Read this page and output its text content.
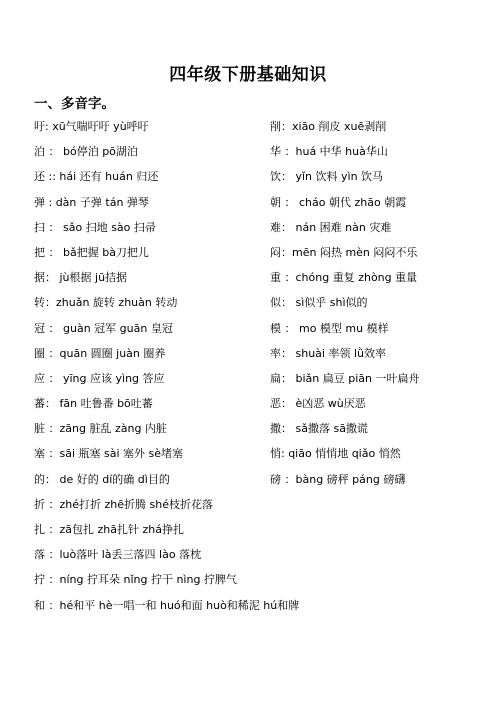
四年级下册基础知识
一、多音字。
吁: xū气喘吁吁 yù呼吁	削：xiāo 削皮 xuē剥削
泊 ： bó停泊 pō湖泊	华 ：huá 中华 huà华山
还 :: hái 还有 huán 归还	饮： yǐn 饮料 yìn 饮马
弹 : dàn 子弹 tán 弹琴	朝 ： cháo 朝代 zhāo 朝霞
扫 ： sǎo 扫地 sào 扫帚	难： nán 困难 nàn 灾难
把 ： bǎ把握 bà刀把儿	闷：mēn 闷热 mèn 闷闷不乐
据： jù根据 jū拮据	重 ：chóng 重复 zhòng 重量
转：zhuǎn 旋转 zhuàn 转动	似： sì似乎 shì似的
冠 ： guàn 冠军 guān 皇冠	模 ： mo 模型 mu 模样
圈 ：quān 圆圈 juàn 圈养	率： shuài 率领 lǜ效率
应 ： yīng 应该 yìng 答应	扁： biǎn 扁豆 piān 一叶扁舟
蕃： fān 吐鲁番 bō吐蕃	恶： è凶恶 wù厌恶
脏 ：zāng 脏乱 zàng 内脏	撒： sǎ撒落 sā撒谎
塞 ：sāi 瓶塞 sài 塞外 sè堵塞	悄: qiāo 悄悄地 qiǎo 悄然
的： de 好的 dí的确 dì目的	磅 ：bàng 磅秤 páng 磅礴
折 ：zhé打折 zhē折腾 shé枝折花落
扎 ：zā包扎 zhā扎针 zhá挣扎
落 ：luò落叶 là丢三落四 lào 落枕
拧 ：níng 拧耳朵 nǐng 拧干 nìng 拧脾气
和 ：hé和平 hè一唱一和 huó和面 huò和稀泥 hú和牌
